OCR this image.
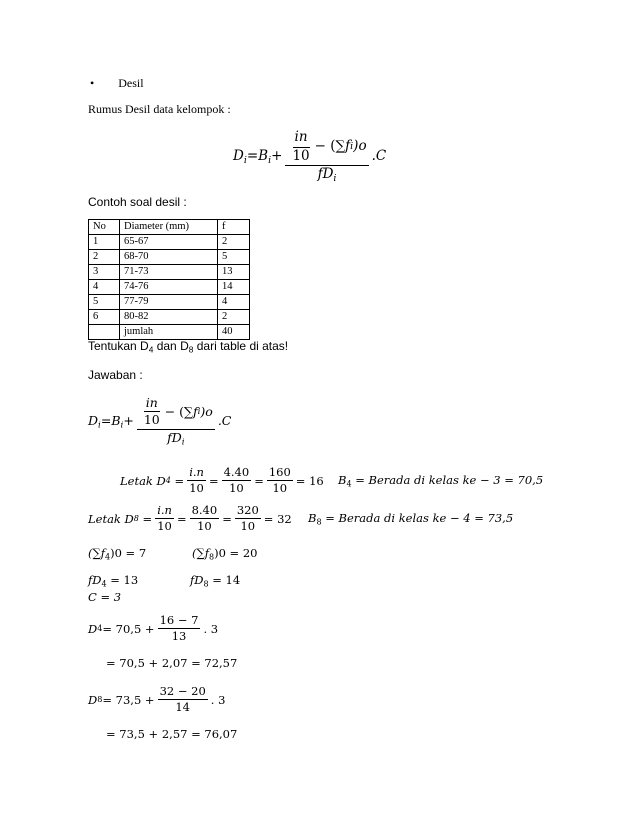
• Desil
Rumus Desil data kelompok :
$D_i = B_i + \frac{\frac{in}{10} - (\sum f i )o}{fD_i} .C$
Contoh soal desil :
No	Diameter (mm)	f
1	65-67	2
2	68-70	5
3	71-73	13
4	74-76	14
5	77-79	4
6	80-82	2
	jumlah	40
Tentukan $D_4$ dan $D_8$ dari table di atas!
Jawaban :
$D_i = B_i + \frac{\frac{in}{10} - (\sum f i )o}{fD_i} .C$
Letak D $4 = \frac{i.n}{10} = \frac{4.40}{10} = \frac{160}{10} = 16$ $B_4$ = Berada di kelas ke − 3 = 70,5
Letak D $8 = \frac{i.n}{10} = \frac{8.40}{10} = \frac{320}{10} = 32$ $B_8$ = Berada di kelas ke − 4 = 73,5
$(\sum f_4)0 = 7$	$(\sum f_8)0 = 20$
$fD_4 = 13$	$fD_8 = 14$
C = 3
D $4 = 70,5 + \frac{16 - 7}{13}$ . 3
= 70,5 + 2,07 = 72,57
D $8 = 73,5 + \frac{32 - 20}{14}$ . 3
= 73,5 + 2,57 = 76,07
